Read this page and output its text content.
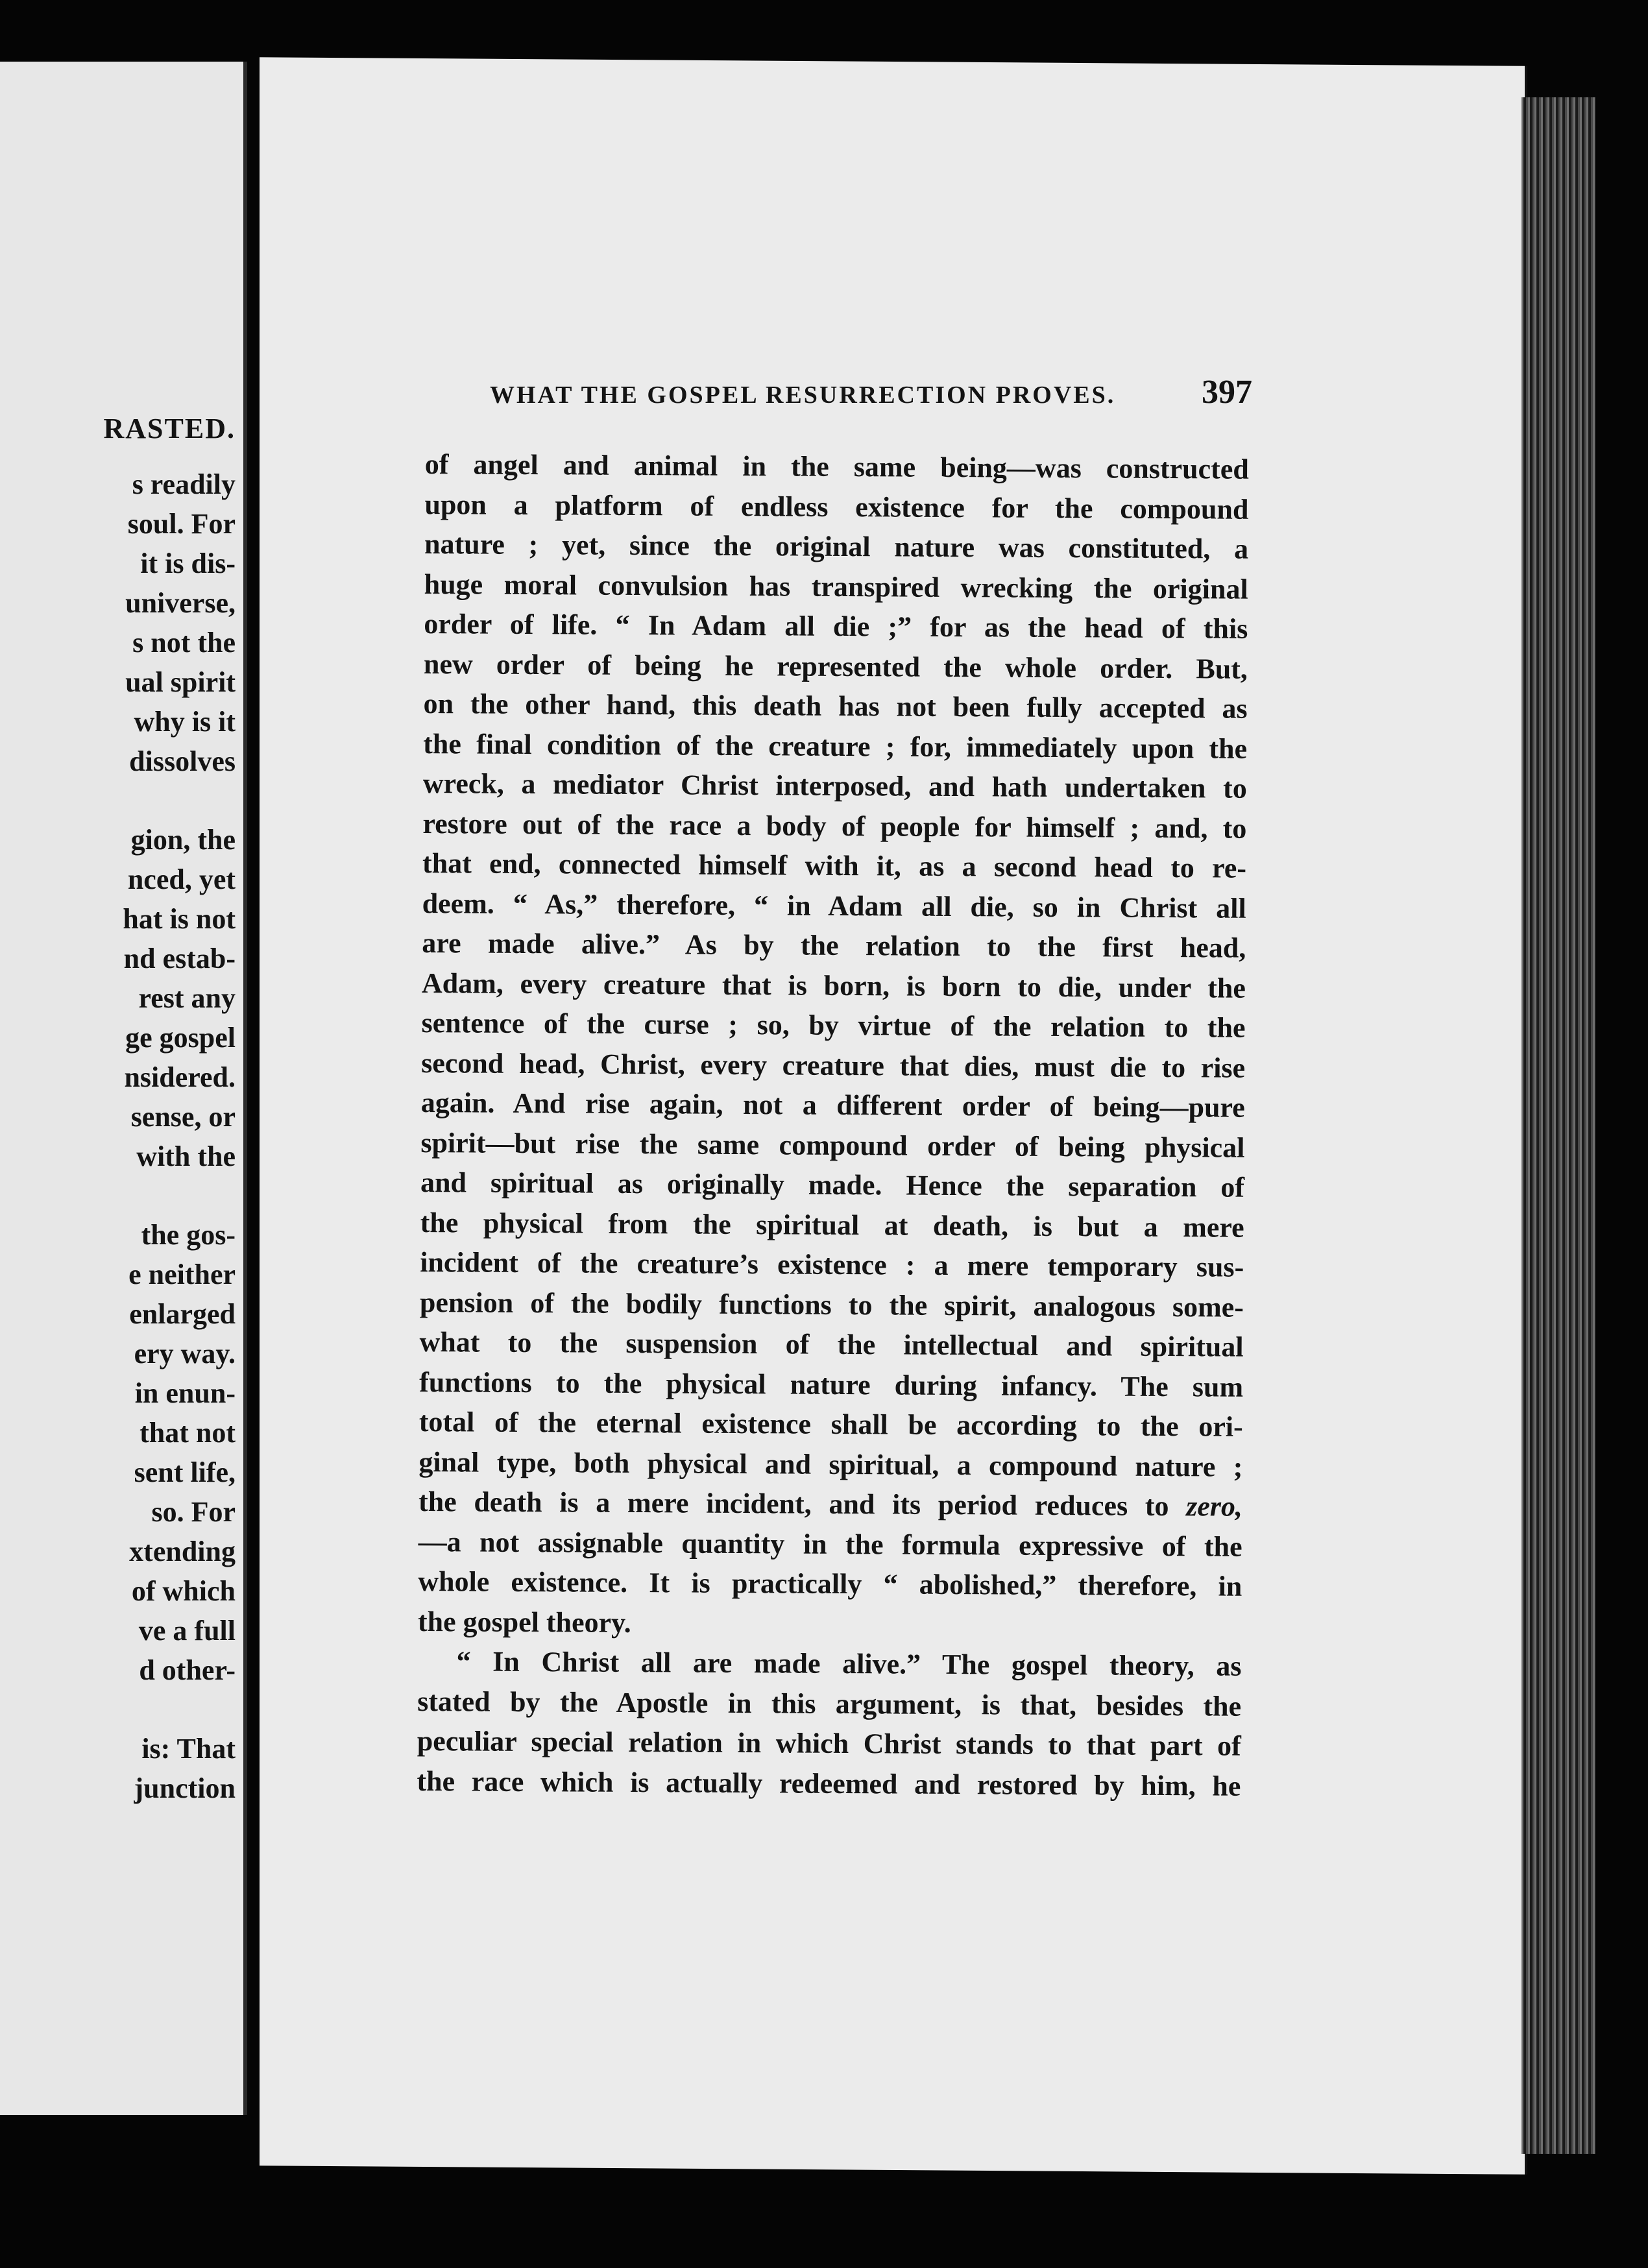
RASTED.
s readily
soul. For
it is dis-
universe,
s not the
ual spirit
why is it
dissolves
gion, the
nced, yet
hat is not
nd estab-
rest any
ge gospel
nsidered.
sense, or
with the
the gos-
e neither
enlarged
ery way.
in enun-
that not
sent life,
so. For
xtending
of which
ve a full
d other-
is: That
junction
WHAT THE GOSPEL RESURRECTION PROVES.	397
of angel and animal in the same being—was constructed
upon a platform of endless existence for the compound
nature ; yet, since the original nature was constituted, a
huge moral convulsion has transpired wrecking the original
order of life. “ In Adam all die ;” for as the head of this
new order of being he represented the whole order. But,
on the other hand, this death has not been fully accepted as
the final condition of the creature ; for, immediately upon the
wreck, a mediator Christ interposed, and hath undertaken to
restore out of the race a body of people for himself ; and, to
that end, connected himself with it, as a second head to re-
deem. “ As,” therefore, “ in Adam all die, so in Christ all
are made alive.” As by the relation to the first head,
Adam, every creature that is born, is born to die, under the
sentence of the curse ; so, by virtue of the relation to the
second head, Christ, every creature that dies, must die to rise
again. And rise again, not a different order of being—pure
spirit—but rise the same compound order of being physical
and spiritual as originally made. Hence the separation of
the physical from the spiritual at death, is but a mere
incident of the creature’s existence : a mere temporary sus-
pension of the bodily functions to the spirit, analogous some-
what to the suspension of the intellectual and spiritual
functions to the physical nature during infancy. The sum
total of the eternal existence shall be according to the ori-
ginal type, both physical and spiritual, a compound nature ;
the death is a mere incident, and its period reduces to zero,
—a not assignable quantity in the formula expressive of the
whole existence. It is practically “ abolished,” therefore, in
the gospel theory.
“ In Christ all are made alive.” The gospel theory, as
stated by the Apostle in this argument, is that, besides the
peculiar special relation in which Christ stands to that part of
the race which is actually redeemed and restored by him, he
